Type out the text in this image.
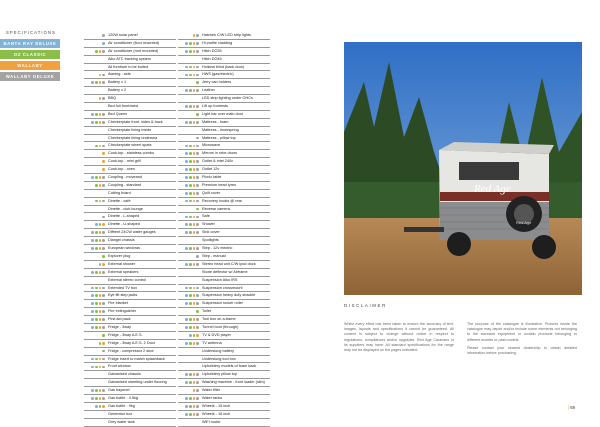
SPECIFICATIONS
BANTA RAY DELUXE
OZ CLASSIC
WALLABY
WALLABY DELUXE
120W solar panel
Air conditioner (floor mounted)
Air conditioner (roof mounted)
Alko ATC tracking system
All furniture to be bolted
Awning - side
Battery x 1
Battery x 2
BBQ
Bed full front/west
Bed Queen
Checkerplate front, sides & back
Checkerplate lining inside
Checkerplate lining undersea
Checkerplate wheel spats
Cook-top - stainless combo
Cook-top - mini grill
Cook-top - oven
Coupling - moveand
Coupling - standard
Cutting board
Dinette - café
Dinette - club lounge
Dinette - L-shaped
Dinette - U-shaped
Diffrent 24CW water gauges
Diangel chassis
European windows
Explorer plug
External shower
External speakers
External stereo control
Extended TV box
Eye lift step jacks
Fire blanket
Fire extinguisher
First aid pack
Fridge - 3way
Fridge - 3way A.E.S.
Fridge - 3way A.E.S. 2 Door
Fridge - compressor 2 door
Fridge insert to match splashback
Front window
Galvanised chassis
Galvanised sheeting under flooring
Gas bayonet
Gas bottle - 4.5kg
Gas bottle - 9kg
Generator box
Grey water tank
Hatches C/W LED strip lights
Hi profile cladding
Hitch DO35
Hitch DO45
Holland blind (back door)
HWS (gas/electric)
Jerry can holders
Leather
LED strip lighting under OHCs
Lift up footrests
Light bar over main door
Mattress - foam
Mattress - innerspring
Mattress - pillow top
Microwave
Mirrors in robe doors
Outlet & inlet 240v
Outlet 12v
Picnic table
Premium bead tyres
Quilt cover
Recovery hooks @ rear
Reverse camera
Safe
Shower
Sink cover
Spotlights
Step - 12v electric
Step - manual
Stereo head unit C/W ipod dock
Stone deflector w/ Airframe
Suspension Alko IRS
Suspension crossmount
Suspension heavy duty shackle
Suspension rocker roller
Toilet
Tool box on a-frame
Tunnel boot (through)
TV & DVD player
TV antenna
Underslung battery
Underslung tool box
Upholstery models of foam back
Upholstery pillow top
Washing machine - front loader (slim)
Water filter
Water tanks
Wheels - 15 inch
Wheels - 16 inch
WiFi router
Red Age
Red Age
DISCLAIMER

Whilst every effort has been taken to ensure the accuracy of text, images, layouts and specifications it cannot be guaranteed. All content is subject to change without notice in respect to regulations, compliances and/or upgrades. Red Age Caravans or its suppliers may have: All standard specifications for the range may not be displayed on the pages indicated.

The purpose of the catalogue is illustrative. Pictures inside the catalogue may depict and/or include some elements not belonging to the standard equipment or contain products belonging to different models or past models.

Please contact your nearest dealership to obtain detailed information before purchasing.

| 69
